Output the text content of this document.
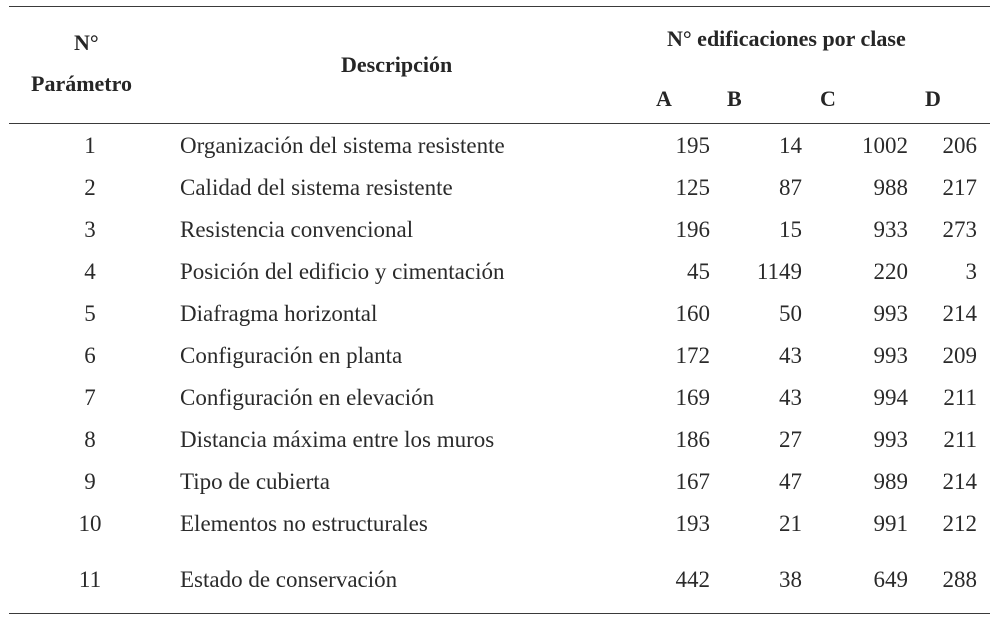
N°
Parámetro
Descripción
N° edificaciones por clase
A	B	C	D
1	Organización del sistema resistente	195	14	1002	206
2	Calidad del sistema resistente	125	87	988	217
3	Resistencia convencional	196	15	933	273
4	Posición del edificio y cimentación	45	1149	220	3
5	Diafragma horizontal	160	50	993	214
6	Configuración en planta	172	43	993	209
7	Configuración en elevación	169	43	994	211
8	Distancia máxima entre los muros	186	27	993	211
9	Tipo de cubierta	167	47	989	214
10	Elementos no estructurales	193	21	991	212
11	Estado de conservación	442	38	649	288
